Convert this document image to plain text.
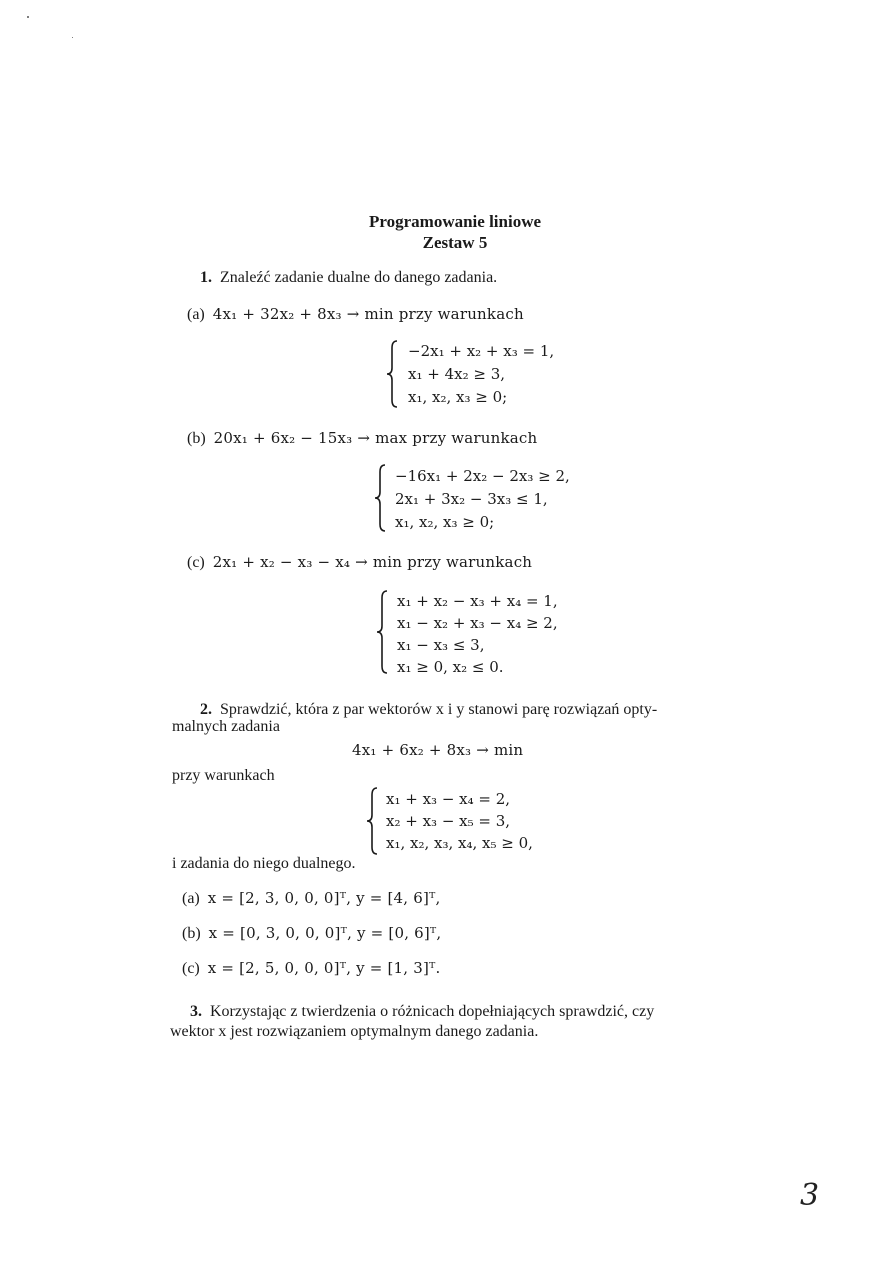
Programowanie liniowe
Zestaw 5
1. Znaleźć zadanie dualne do danego zadania.
(a) 4x₁ + 32x₂ + 8x₃ → min przy warunkach
−2x₁ + x₂ + x₃ = 1,
x₁ + 4x₂ ≥ 3,
x₁, x₂, x₃ ≥ 0;
(b) 20x₁ + 6x₂ − 15x₃ → max przy warunkach
−16x₁ + 2x₂ − 2x₃ ≥ 2,
2x₁ + 3x₂ − 3x₃ ≤ 1,
x₁, x₂, x₃ ≥ 0;
(c) 2x₁ + x₂ − x₃ − x₄ → min przy warunkach
x₁ + x₂ − x₃ + x₄ = 1,
x₁ − x₂ + x₃ − x₄ ≥ 2,
x₁ − x₃ ≤ 3,
x₁ ≥ 0, x₂ ≤ 0.
2. Sprawdzić, która z par wektorów x i y stanowi parę rozwiązań opty-
malnych zadania
4x₁ + 6x₂ + 8x₃ → min
przy warunkach
x₁ + x₃ − x₄ = 2,
x₂ + x₃ − x₅ = 3,
x₁, x₂, x₃, x₄, x₅ ≥ 0,
i zadania do niego dualnego.
(a) x = [2, 3, 0, 0, 0]ᵀ, y = [4, 6]ᵀ,
(b) x = [0, 3, 0, 0, 0]ᵀ, y = [0, 6]ᵀ,
(c) x = [2, 5, 0, 0, 0]ᵀ, y = [1, 3]ᵀ.
3. Korzystając z twierdzenia o różnicach dopełniających sprawdzić, czy
wektor x jest rozwiązaniem optymalnym danego zadania.
3
